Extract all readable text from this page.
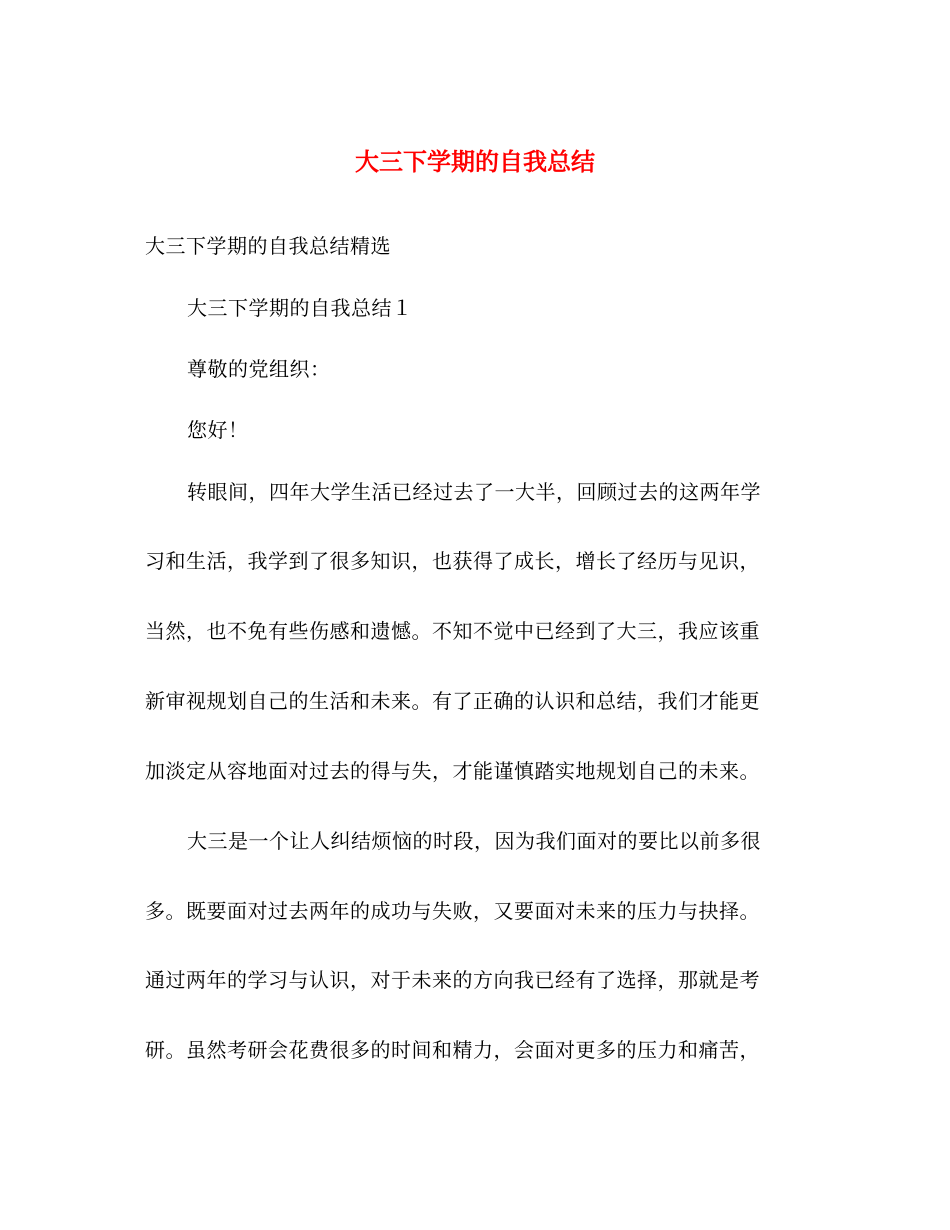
大三下学期的自我总结
大三下学期的自我总结精选
大三下学期的自我总结１
尊敬的党组织：
您好！
转眼间，四年大学生活已经过去了一大半，回顾过去的这两年学
习和生活，我学到了很多知识，也获得了成长，增长了经历与见识，
当然，也不免有些伤感和遗憾。不知不觉中已经到了大三，我应该重
新审视规划自己的生活和未来。有了正确的认识和总结，我们才能更
加淡定从容地面对过去的得与失，才能谨慎踏实地规划自己的未来。
大三是一个让人纠结烦恼的时段，因为我们面对的要比以前多很
多。既要面对过去两年的成功与失败，又要面对未来的压力与抉择。
通过两年的学习与认识，对于未来的方向我已经有了选择，那就是考
研。虽然考研会花费很多的时间和精力，会面对更多的压力和痛苦，
